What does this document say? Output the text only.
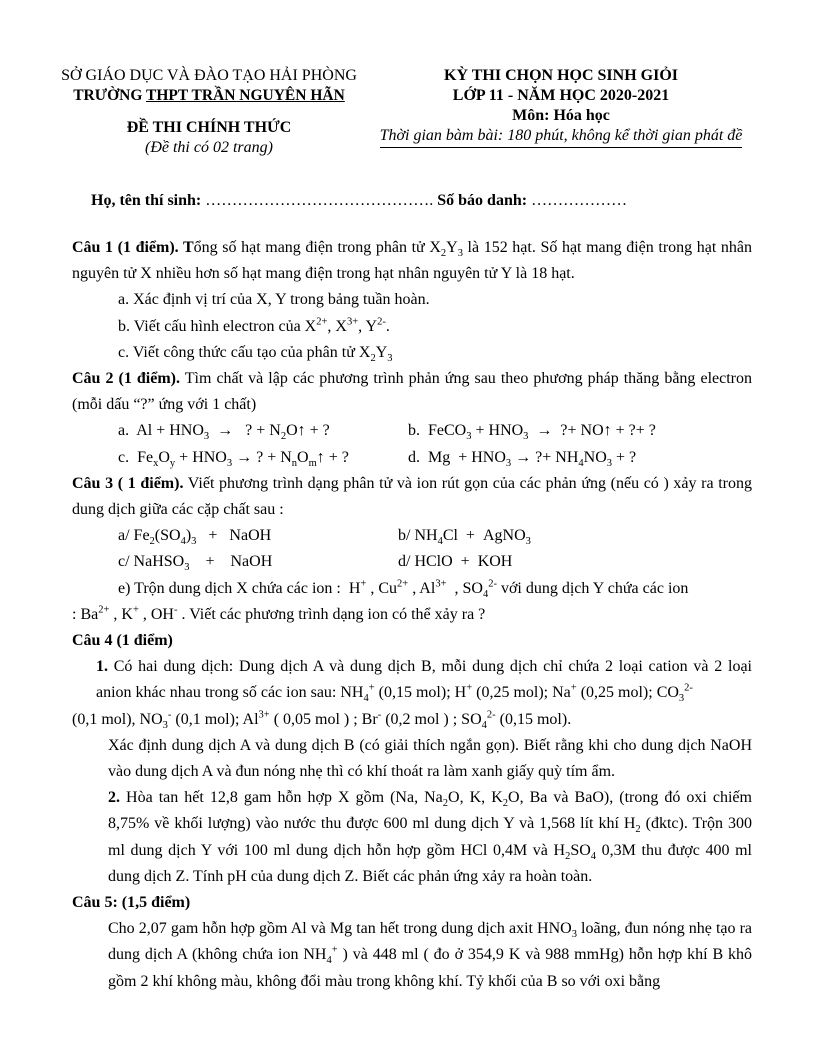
SỞ GIÁO DỤC VÀ ĐÀO TẠO HẢI PHÒNG
TRƯỜNG THPT TRẦN NGUYÊN HÃN
ĐỀ THI CHÍNH THỨC
(Đề thi có 02 trang)
KỲ THI CHỌN HỌC SINH GIỎI
LỚP 11 - NĂM HỌC 2020-2021
Môn: Hóa học
Thời gian bàm bài: 180 phút, không kể thời gian phát đề
Họ, tên thí sinh: ……………………………………. Số báo danh: ………………

Câu 1 (1 điểm). Tổng số hạt mang điện trong phân tử $X_2Y_3$ là 152 hạt. Số hạt mang điện trong hạt nhân nguyên tử X nhiều hơn số hạt mang điện trong hạt nhân nguyên tử Y là 18 hạt.

a. Xác định vị trí của X, Y trong bảng tuần hoàn.

b. Viết cấu hình electron của $X^{2+}$, $X^{3+}$, $Y^{2-}$.

c. Viết công thức cấu tạo của phân tử $X_2Y_3$

Câu 2 (1 điểm). Tìm chất và lập các phương trình phản ứng sau theo phương pháp thăng bằng electron (mỗi dấu “?” ứng với 1 chất)

a.  $Al + HNO_3$  →   ? + $N_2O↑$ + ?	b.  FeCO$_3$ + $HNO_3$  →  ?+ NO↑ + ?+ ?
c.  $Fe_xO_y + HNO_3$ → ? + $N_nO_m↑$ + ?	d.  $Mg + HNO_3$ → ?+ $NH_4NO_3$ + ?

Câu 3 ( 1 điểm). Viết phương trình dạng phân tử và ion rút gọn của các phản ứng (nếu có ) xảy ra trong dung dịch giữa các cặp chất sau :

a/ $Fe_2(SO_4)_3$   +   NaOH	b/ $NH_4Cl$  +  AgNO$_3$
c/ NaHSO$_3$    +    NaOH	d/ HClO  +  KOH

e) Trộn dung dịch X chứa các ion :  H+ , $Cu^{2+}$ , $Al^{3+}$  , $SO_4^{2-}$ với dung dịch Y chứa các ion

: $Ba^{2+}$ , K+ , OH- . Viết các phương trình dạng ion có thể xảy ra ?

Câu 4 (1 điểm)

1. Có hai dung dịch: Dung dịch A và dung dịch B, mỗi dung dịch chỉ chứa 2 loại cation và 2 loại anion khác nhau trong số các ion sau: $NH_4^+$ (0,15 mol); H+ (0,25 mol); Na+ (0,25 mol); $CO_3^{2-}$

(0,1 mol), $NO_3^-$ (0,1 mol); $Al^{3+}$ ( 0,05 mol ) ; Br- (0,2 mol ) ; $SO_4^{2-}$ (0,15 mol).

Xác định dung dịch A và dung dịch B (có giải thích ngắn gọn). Biết rằng khi cho dung dịch NaOH vào dung dịch A và đun nóng nhẹ thì có khí thoát ra làm xanh giấy quỳ tím ẩm.

2. Hòa tan hết 12,8 gam hỗn hợp X gồm (Na, $Na_2O$, K, $K_2O$, Ba và BaO), (trong đó oxi chiếm 8,75% về khối lượng) vào nước thu được 600 ml dung dịch Y và 1,568 lít khí $H_2$ (đktc). Trộn 300 ml dung dịch Y với 100 ml dung dịch hỗn hợp gồm HCl 0,4M và $H_2SO_4$ 0,3M thu được 400 ml dung dịch Z. Tính pH của dung dịch Z. Biết các phản ứng xảy ra hoàn toàn.

Câu 5: (1,5 điểm)

Cho 2,07 gam hỗn hợp gồm Al và Mg tan hết trong dung dịch axit $HNO_3$ loãng, đun nóng nhẹ tạo ra dung dịch A (không chứa ion $NH_4^+$ ) và 448 ml ( đo ở 354,9 K và 988 mmHg) hỗn hợp khí B khô gồm 2 khí không màu, không đổi màu trong không khí. Tỷ khối của B so với oxi bằng
